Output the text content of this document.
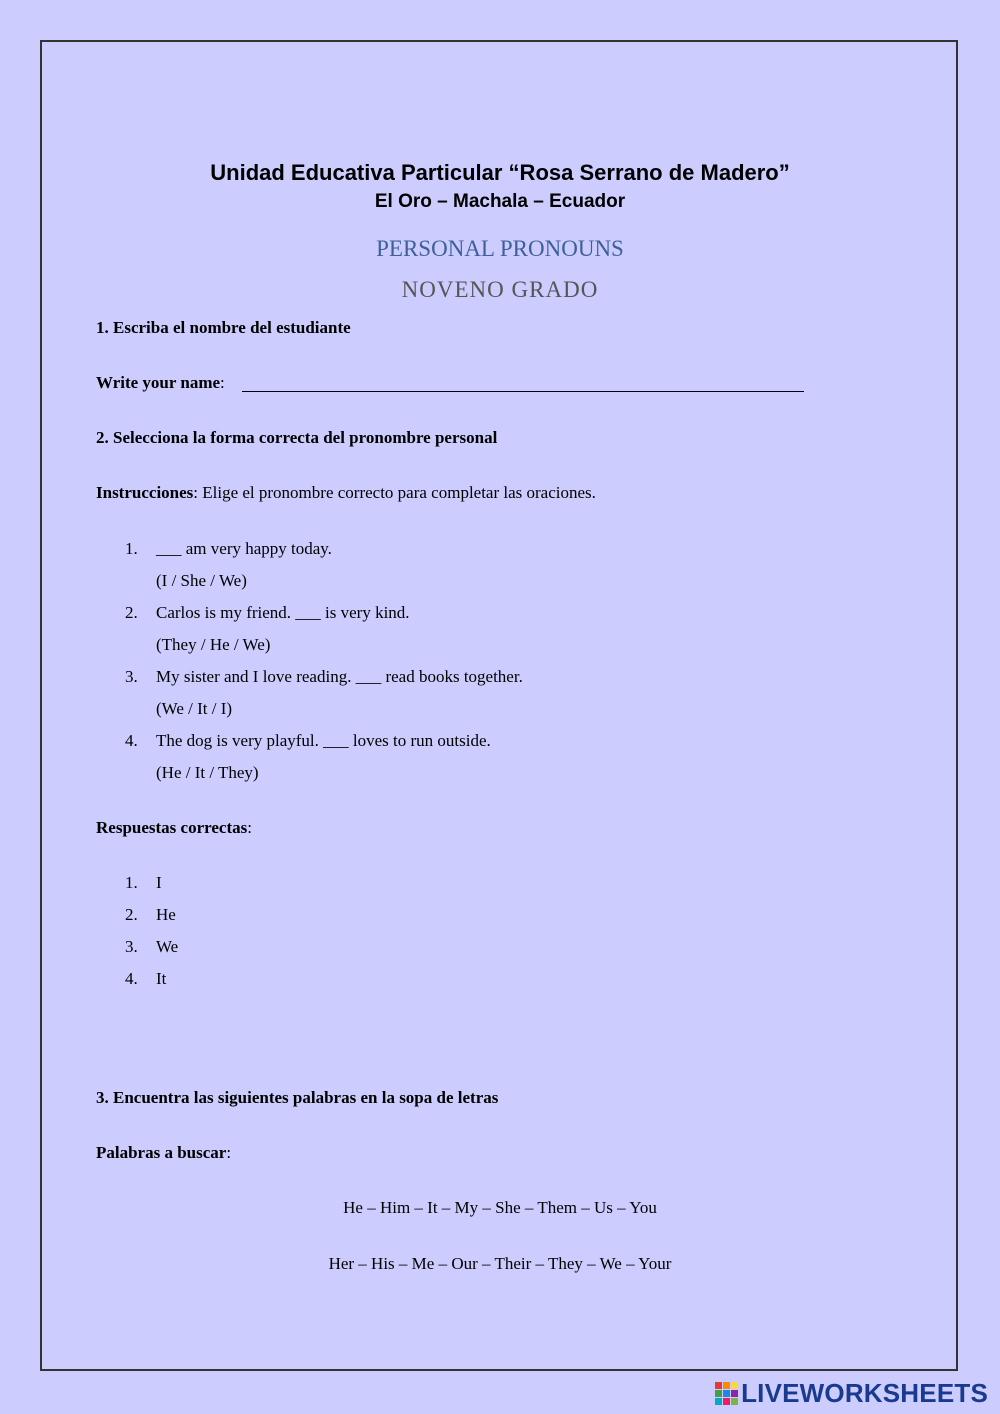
Unidad Educativa Particular “Rosa Serrano de Madero”
El Oro – Machala – Ecuador
PERSONAL PRONOUNS
NOVENO GRADO
1. Escriba el nombre del estudiante
Write your name:
2. Selecciona la forma correcta del pronombre personal
Instrucciones: Elige el pronombre correcto para completar las oraciones.
1. ___ am very happy today.
(I / She / We)
2. Carlos is my friend. ___ is very kind.
(They / He / We)
3. My sister and I love reading. ___ read books together.
(We / It / I)
4. The dog is very playful. ___ loves to run outside.
(He / It / They)
Respuestas correctas:
1. I
2. He
3. We
4. It
3. Encuentra las siguientes palabras en la sopa de letras
Palabras a buscar:
He – Him – It – My – She – Them – Us – You
Her – His – Me – Our – Their – They – We – Your
LIVEWORKSHEETS
